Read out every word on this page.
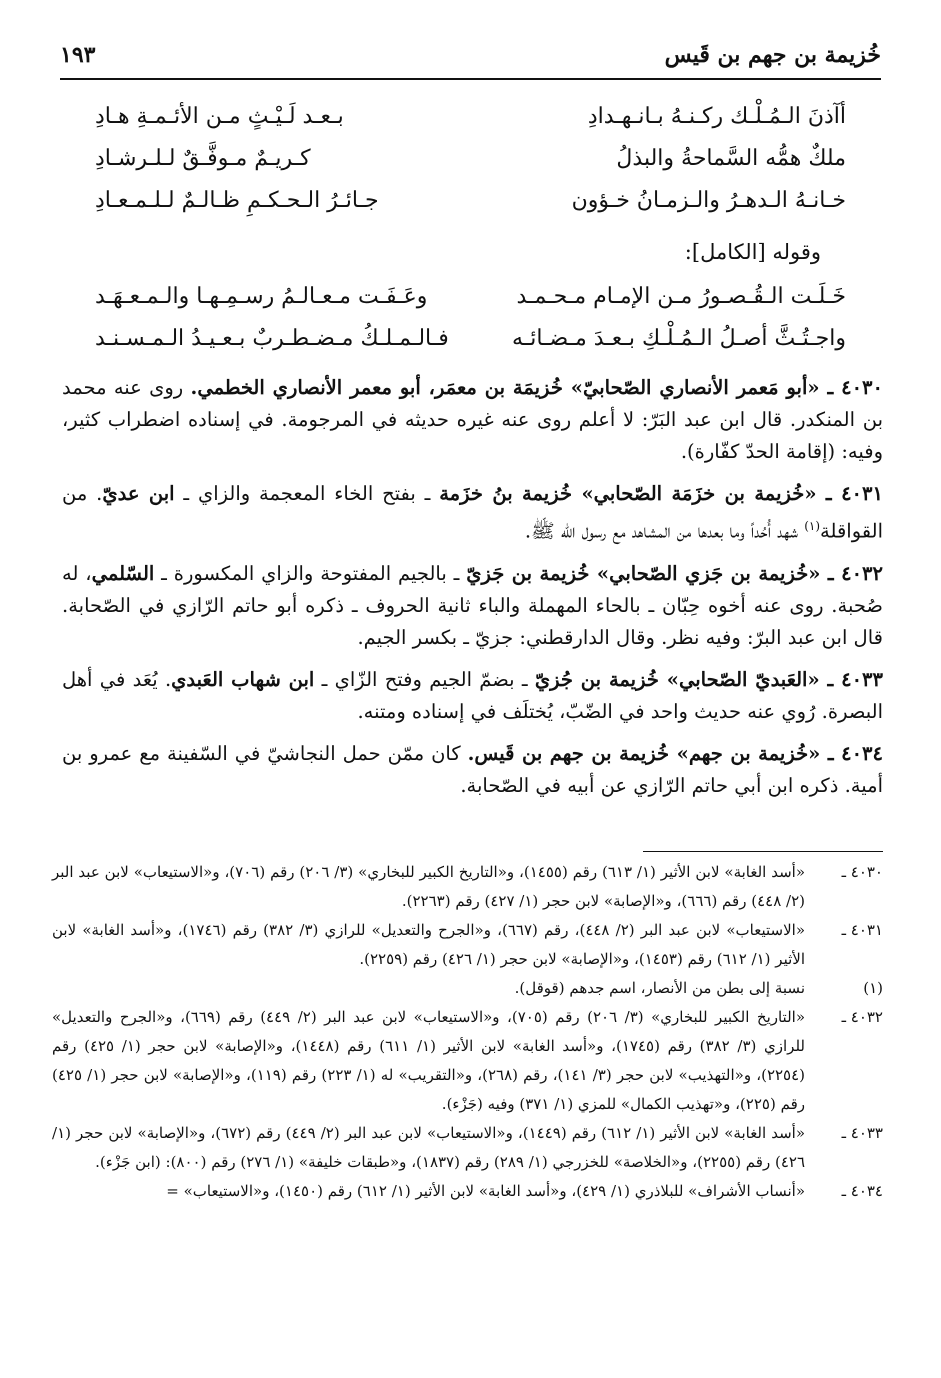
خُزيمة بن جهم بن قَيس
١٩٣
أآذنَ الـمُـلْـك ركـنـهُ بـانـهـدادِ
بـعـد لَـيْـثٍ مـن الأئـمـةِ هـادِ
ملكٌ همُّه السَّماحةُ والبذلُ
كـريـمٌ مـوفَّـقٌ لـلـرشـادِ
خـانـهُ الـدهـرُ والـزمـانُ خـؤون
جـائـرُ الـحـكـمِ ظـالـمٌ لـلـمـعـادِ
وقوله [الكامل]:
خَـلَـت الـقُـصـورُ مـن الإمـام مـحـمـد
وعَـفَـت مـعـالـمُ رسـمِـهـا والـمـعـهَـد
واجـتُـثَّ أصـلُ الـمُـلْـكِ بـعـدَ مـضـائـه
فـالـمـلـكُ مـضـطـربٌ بـعـيـدُ الـمـسـنـد

٤٠٣٠ ـ «أبو مَعمر الأنصاري الصّحابيّ» خُزيمَة بن معمَر، أبو معمر الأنصاري الخطمي. روى عنه محمد بن المنكدر. قال ابن عبد البَرّ: لا أعلم روى عنه غيره حديثه في المرجومة. في إسناده اضطراب كثير، وفيه: (إقامة الحدّ كفّارة).

٤٠٣١ ـ «خُزيمة بن خزَمَة الصّحابي» خُزيمة بنُ خزَمة ـ بفتح الخاء المعجمة والزاي ـ ابن عديّ. من القواقلة$^{(١)}$ شهد أُحُداً وما بعدها من المشاهد مع رسول الله ﷺ.

٤٠٣٢ ـ «خُزيمة بن جَزي الصّحابي» خُزيمة بن جَزيّ ـ بالجيم المفتوحة والزاي المكسورة ـ السّلمي، له صُحبة. روى عنه أخوه حِبّان ـ بالحاء المهملة والباء ثانية الحروف ـ ذكره أبو حاتم الرّازي في الصّحابة. قال ابن عبد البرّ: وفيه نظر. وقال الدارقطني: جزيّ ـ بكسر الجيم.

٤٠٣٣ ـ «العَبديّ الصّحابي» خُزيمة بن جُزيّ ـ بضمّ الجيم وفتح الزّاي ـ ابن شهاب العَبدي. يُعَد في أهل البصرة. رُوي عنه حديث واحد في الضّبّ، يُختلَف في إسناده ومتنه.

٤٠٣٤ ـ «خُزيمة بن جهم» خُزيمة بن جهم بن قَيس. كان ممّن حمل النجاشيّ في السّفينة مع عمرو بن أمية. ذكره ابن أبي حاتم الرّازي عن أبيه في الصّحابة.

٤٠٣٠ ـ
«أسد الغابة» لابن الأثير (١/ ٦١٣) رقم (١٤٥٥)، و«التاريخ الكبير للبخاري» (٣/ ٢٠٦) رقم (٧٠٦)، و«الاستيعاب» لابن عبد البر (٢/ ٤٤٨) رقم (٦٦٦)، و«الإصابة» لابن حجر (١/ ٤٢٧) رقم (٢٢٦٣).
٤٠٣١ ـ
«الاستيعاب» لابن عبد البر (٢/ ٤٤٨)، رقم (٦٦٧)، و«الجرح والتعديل» للرازي (٣/ ٣٨٢) رقم (١٧٤٦)، و«أسد الغابة» لابن الأثير (١/ ٦١٢) رقم (١٤٥٣)، و«الإصابة» لابن حجر (١/ ٤٢٦) رقم (٢٢٥٩).
(١)
نسبة إلى بطن من الأنصار، اسم جدهم (قوقل).
٤٠٣٢ ـ
«التاريخ الكبير للبخاري» (٣/ ٢٠٦) رقم (٧٠٥)، و«الاستيعاب» لابن عبد البر (٢/ ٤٤٩) رقم (٦٦٩)، و«الجرح والتعديل» للرازي (٣/ ٣٨٢) رقم (١٧٤٥)، و«أسد الغابة» لابن الأثير (١/ ٦١١) رقم (١٤٤٨)، و«الإصابة» لابن حجر (١/ ٤٢٥) رقم (٢٢٥٤)، و«التهذيب» لابن حجر (٣/ ١٤١)، رقم (٢٦٨)، و«التقريب» له (١/ ٢٢٣) رقم (١١٩)، و«الإصابة» لابن حجر (١/ ٤٢٥) رقم (٢٢٥)، و«تهذيب الكمال» للمزي (١/ ٣٧١) وفيه (جَزْء).
٤٠٣٣ ـ
«أسد الغابة» لابن الأثير (١/ ٦١٢) رقم (١٤٤٩)، و«الاستيعاب» لابن عبد البر (٢/ ٤٤٩) رقم (٦٧٢)، و«الإصابة» لابن حجر (١/ ٤٢٦) رقم (٢٢٥٥)، و«الخلاصة» للخزرجي (١/ ٢٨٩) رقم (١٨٣٧)، و«طبقات خليفة» (١/ ٢٧٦) رقم (٨٠٠): (ابن جَزْء).
٤٠٣٤ ـ
«أنساب الأشراف» للبلاذري (١/ ٤٢٩)، و«أسد الغابة» لابن الأثير (١/ ٦١٢) رقم (١٤٥٠)، و«الاستيعاب» =
